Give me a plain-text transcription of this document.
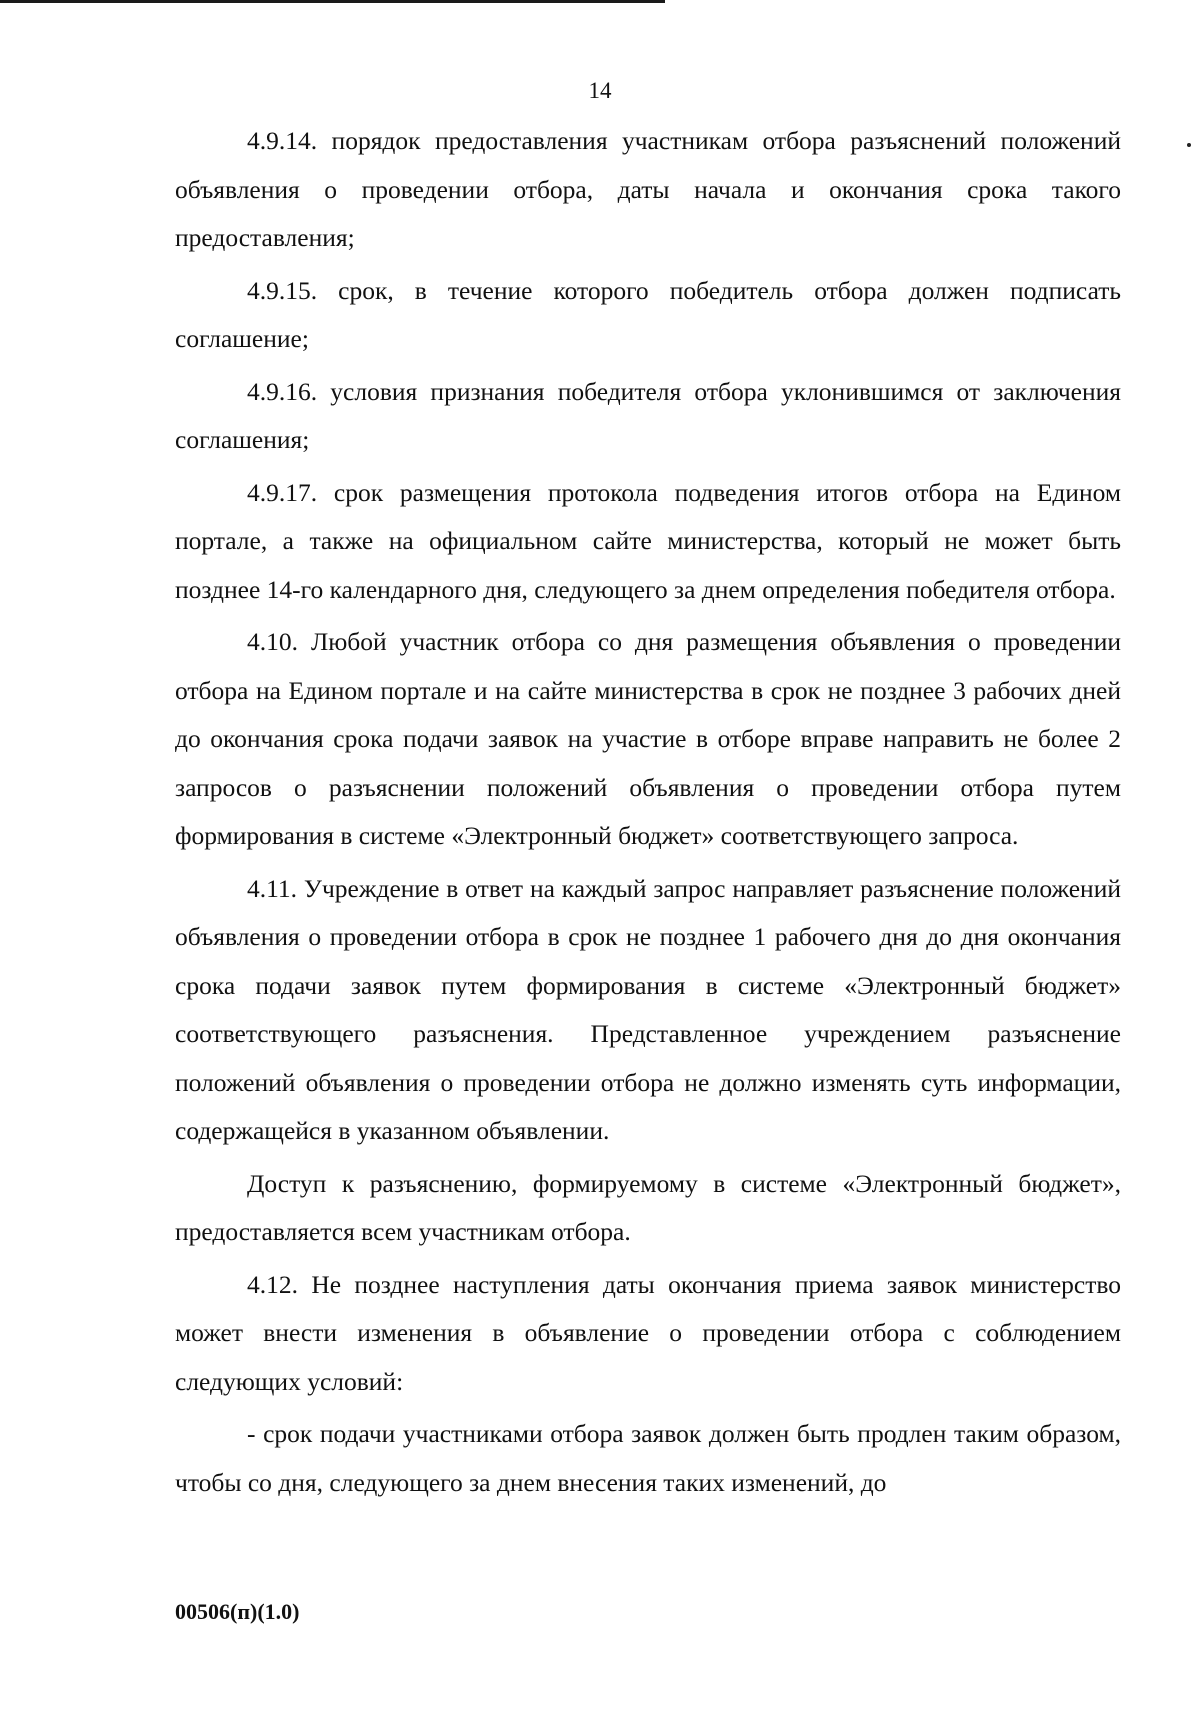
14

4.9.14. порядок предоставления участникам отбора разъяснений положений объявления о проведении отбора, даты начала и окончания срока такого предоставления;

4.9.15. срок, в течение которого победитель отбора должен подписать соглашение;

4.9.16. условия признания победителя отбора уклонившимся от заключения соглашения;

4.9.17. срок размещения протокола подведения итогов отбора на Едином портале, а также на официальном сайте министерства, который не может быть позднее 14-го календарного дня, следующего за днем определения победителя отбора.

4.10. Любой участник отбора со дня размещения объявления о проведении отбора на Едином портале и на сайте министерства в срок не позднее 3 рабочих дней до окончания срока подачи заявок на участие в отборе вправе направить не более 2 запросов о разъяснении положений объявления о проведении отбора путем формирования в системе «Электронный бюджет» соответствующего запроса.

4.11. Учреждение в ответ на каждый запрос направляет разъяснение положений объявления о проведении отбора в срок не позднее 1 рабочего дня до дня окончания срока подачи заявок путем формирования в системе «Электронный бюджет» соответствующего разъяснения. Представленное учреждением разъяснение положений объявления о проведении отбора не должно изменять суть информации, содержащейся в указанном объявлении.

Доступ к разъяснению, формируемому в системе «Электронный бюджет», предоставляется всем участникам отбора.

4.12. Не позднее наступления даты окончания приема заявок министерство может внести изменения в объявление о проведении отбора с соблюдением следующих условий:

- срок подачи участниками отбора заявок должен быть продлен таким образом, чтобы со дня, следующего за днем внесения таких изменений, до

00506(п)(1.0)
